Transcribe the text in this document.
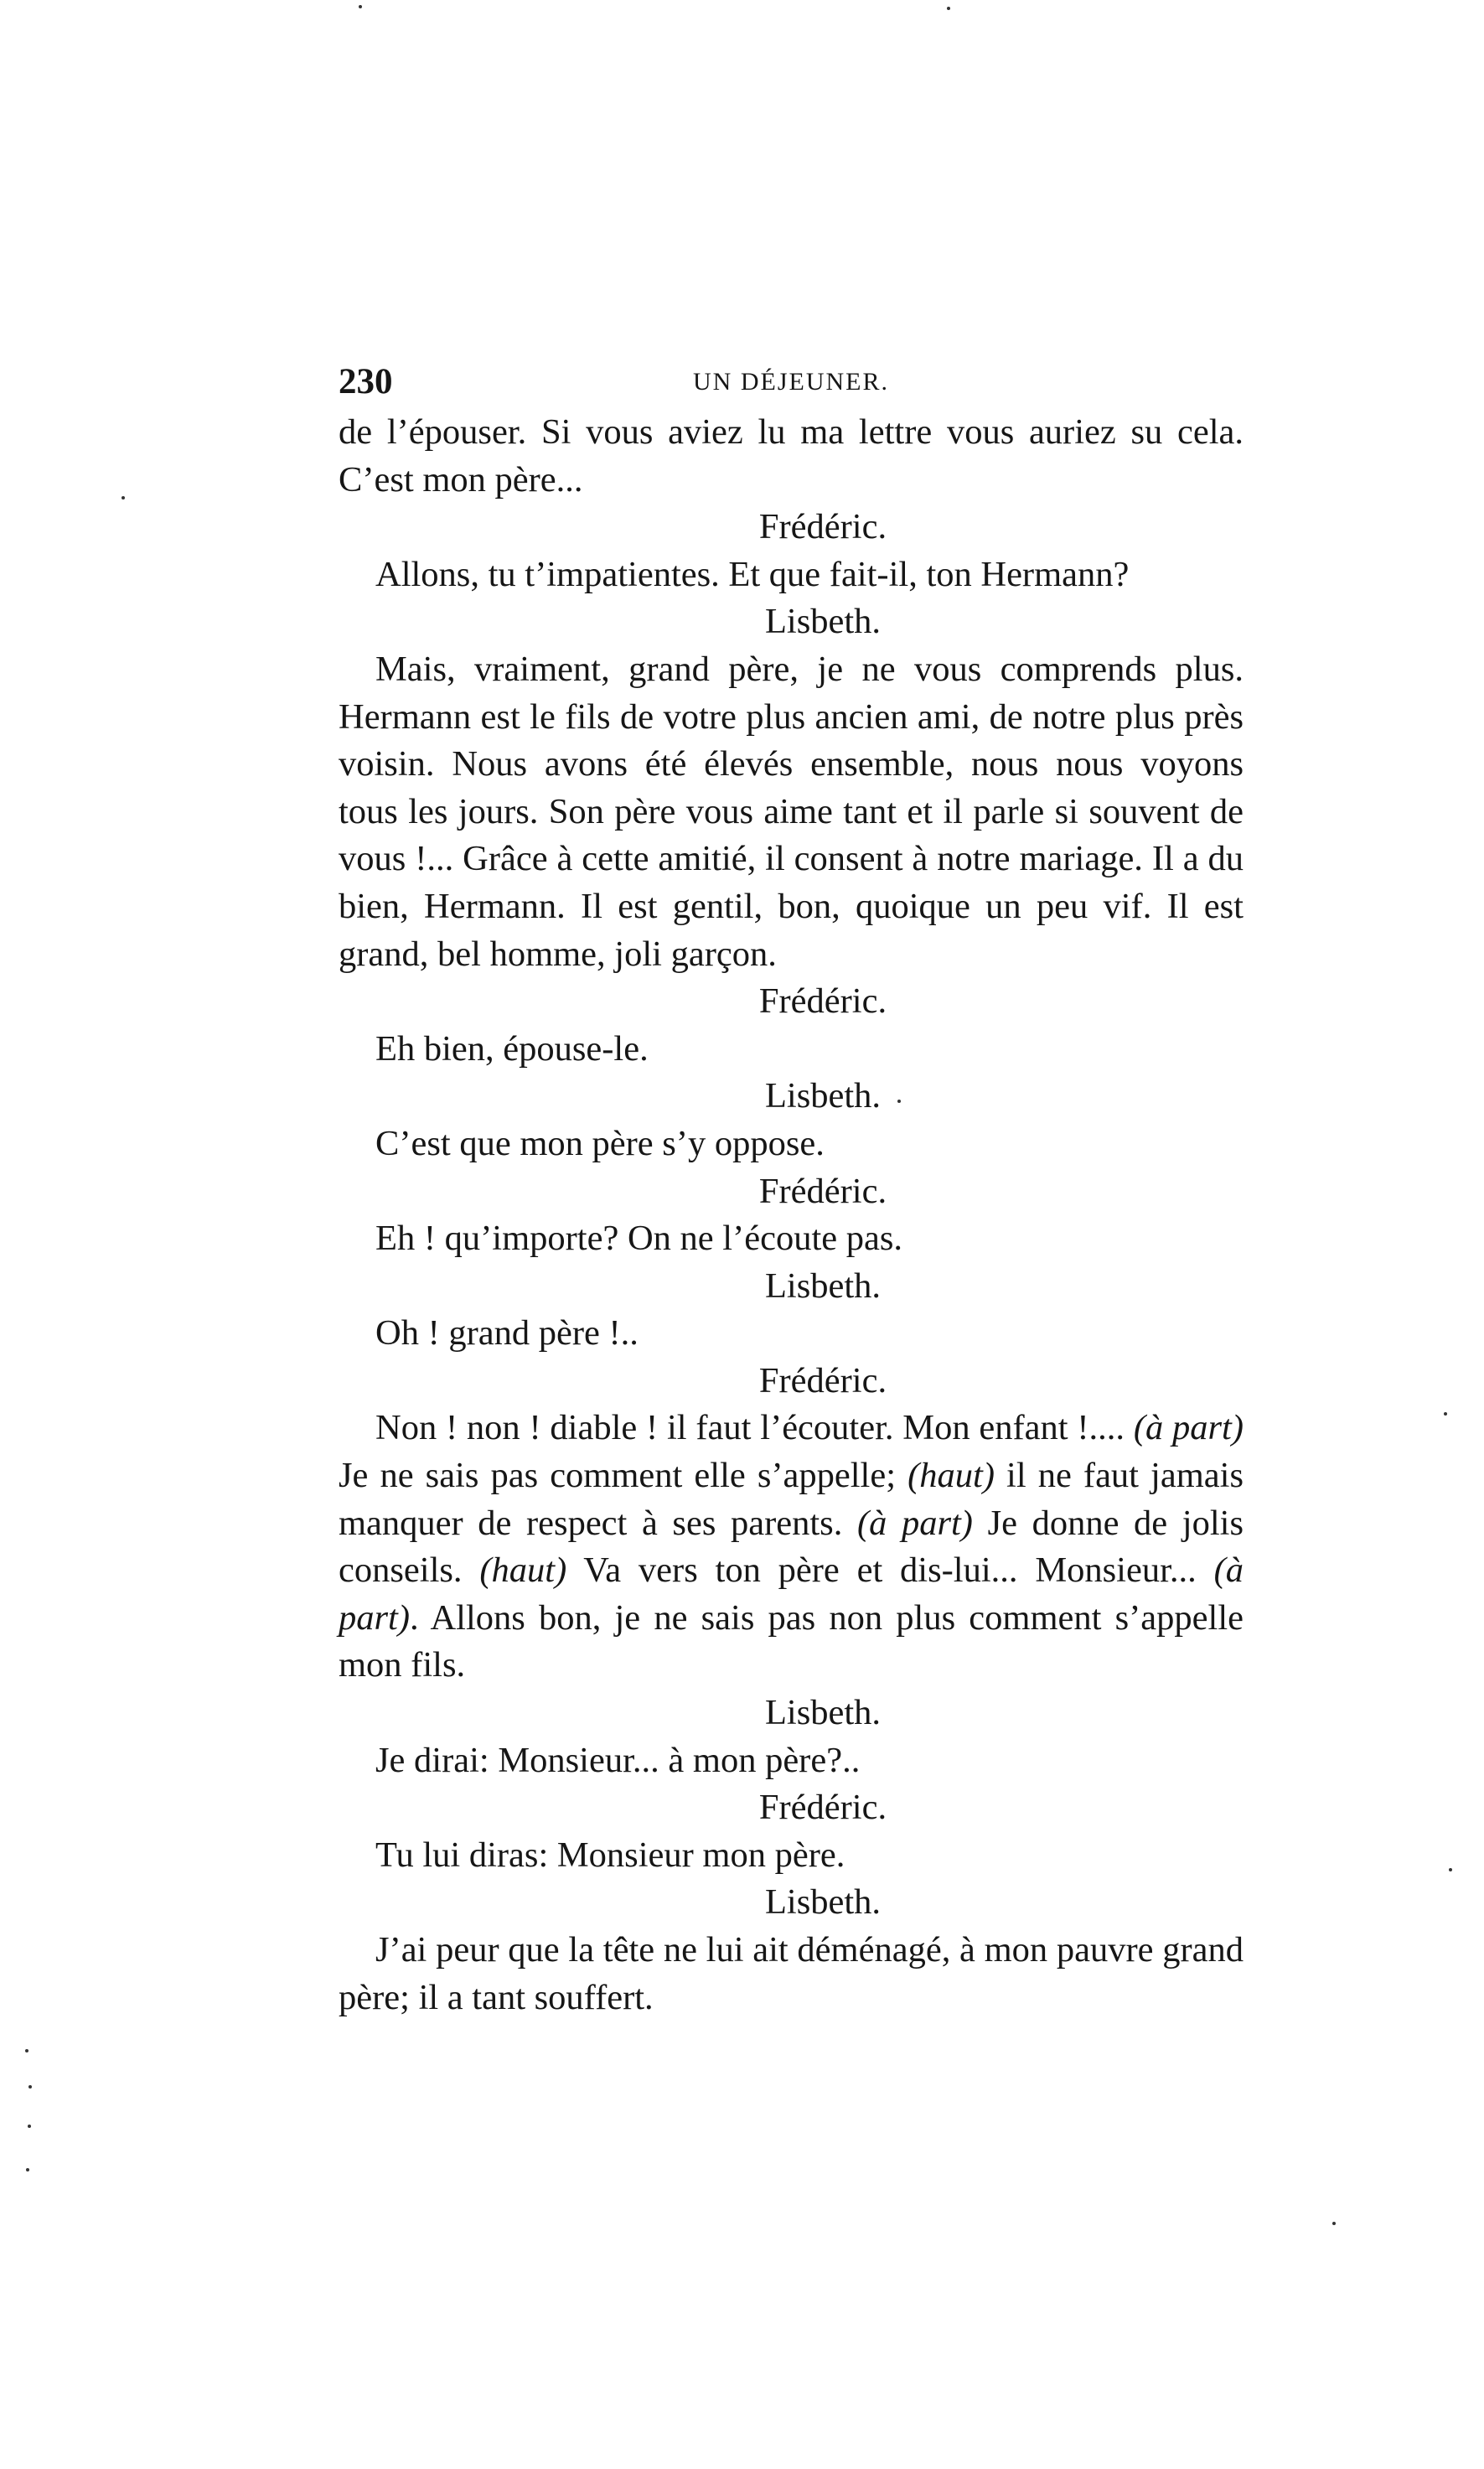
230	UN DÉJEUNER.

de l’épouser. Si vous aviez lu ma lettre vous auriez su cela. C’est mon père...

Frédéric.

Allons, tu t’impatientes. Et que fait-il, ton Hermann?

Lisbeth.

Mais, vraiment, grand père, je ne vous comprends plus. Hermann est le fils de votre plus ancien ami, de notre plus près voisin. Nous avons été élevés ensemble, nous nous voyons tous les jours. Son père vous aime tant et il parle si souvent de vous !... Grâce à cette amitié, il consent à notre mariage. Il a du bien, Hermann. Il est gentil, bon, quoique un peu vif. Il est grand, bel homme, joli garçon.

Frédéric.

Eh bien, épouse-le.

Lisbeth.

C’est que mon père s’y oppose.

Frédéric.

Eh ! qu’importe? On ne l’écoute pas.

Lisbeth.

Oh ! grand père !..

Frédéric.

Non ! non ! diable ! il faut l’écouter. Mon enfant !.... (à part) Je ne sais pas comment elle s’appelle; (haut) il ne faut jamais manquer de respect à ses parents. (à part) Je donne de jolis conseils. (haut) Va vers ton père et dis-lui... Monsieur... (à part). Allons bon, je ne sais pas non plus comment s’appelle mon fils.

Lisbeth.

Je dirai: Monsieur... à mon père?..

Frédéric.

Tu lui diras: Monsieur mon père.

Lisbeth.

J’ai peur que la tête ne lui ait déménagé, à mon pauvre grand père; il a tant souffert.
